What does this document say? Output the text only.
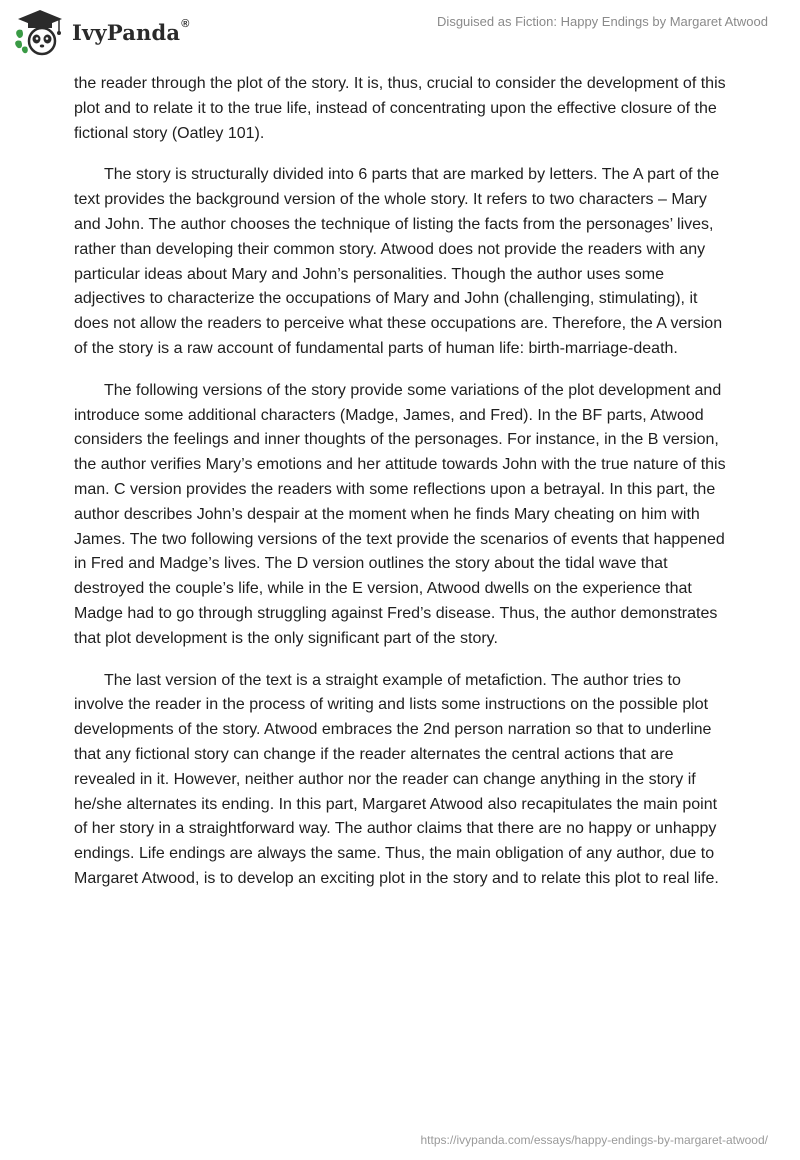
IvyPanda ®	Disguised as Fiction: Happy Endings by Margaret Atwood

the reader through the plot of the story. It is, thus, crucial to consider the development of this plot and to relate it to the true life, instead of concentrating upon the effective closure of the fictional story (Oatley 101).

The story is structurally divided into 6 parts that are marked by letters. The A part of the text provides the background version of the whole story. It refers to two characters – Mary and John. The author chooses the technique of listing the facts from the personages’ lives, rather than developing their common story. Atwood does not provide the readers with any particular ideas about Mary and John’s personalities. Though the author uses some adjectives to characterize the occupations of Mary and John (challenging, stimulating), it does not allow the readers to perceive what these occupations are. Therefore, the A version of the story is a raw account of fundamental parts of human life: birth-marriage-death.

The following versions of the story provide some variations of the plot development and introduce some additional characters (Madge, James, and Fred). In the BF parts, Atwood considers the feelings and inner thoughts of the personages. For instance, in the B version, the author verifies Mary’s emotions and her attitude towards John with the true nature of this man. C version provides the readers with some reflections upon a betrayal. In this part, the author describes John’s despair at the moment when he finds Mary cheating on him with James. The two following versions of the text provide the scenarios of events that happened in Fred and Madge’s lives. The D version outlines the story about the tidal wave that destroyed the couple’s life, while in the E version, Atwood dwells on the experience that Madge had to go through struggling against Fred’s disease. Thus, the author demonstrates that plot development is the only significant part of the story.

The last version of the text is a straight example of metafiction. The author tries to involve the reader in the process of writing and lists some instructions on the possible plot developments of the story. Atwood embraces the 2nd person narration so that to underline that any fictional story can change if the reader alternates the central actions that are revealed in it. However, neither author nor the reader can change anything in the story if he/she alternates its ending. In this part, Margaret Atwood also recapitulates the main point of her story in a straightforward way. The author claims that there are no happy or unhappy endings. Life endings are always the same. Thus, the main obligation of any author, due to Margaret Atwood, is to develop an exciting plot in the story and to relate this plot to real life.

https://ivypanda.com/essays/happy-endings-by-margaret-atwood/
